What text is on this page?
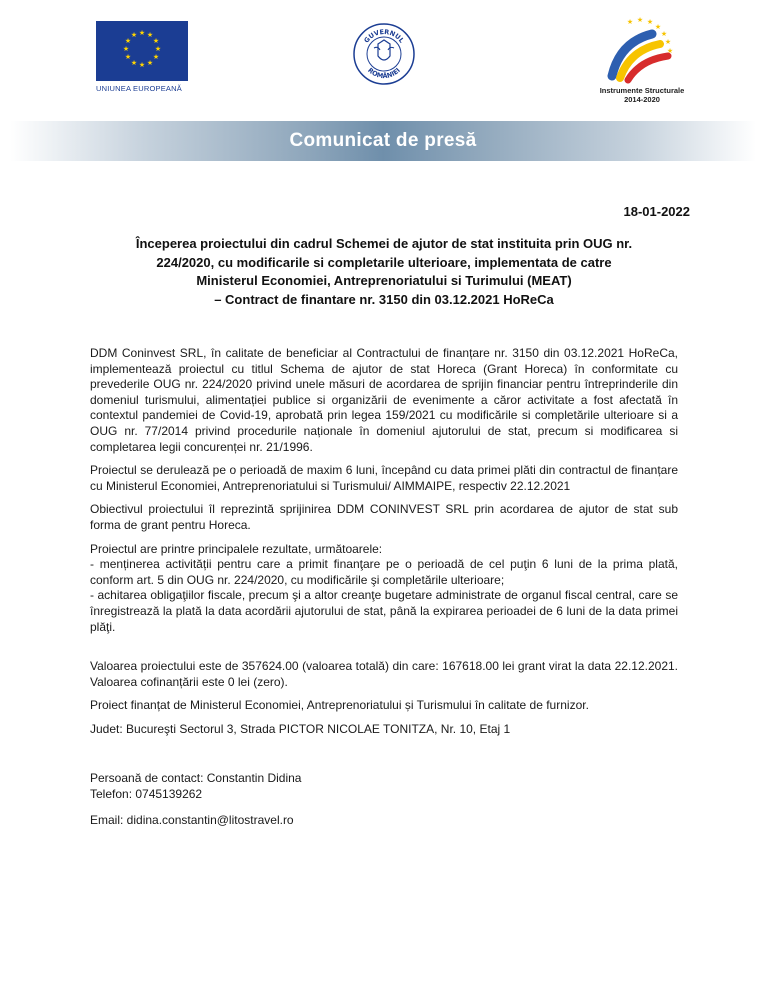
★ ★
★
★
★
★
★
★
★
★
★
★
UNIUNEA EUROPEANĂ
GUVERNUL
ROMÂNIEI
★ ★ ★
★
★
★
★
Instrumente Structurale
2014-2020
Comunicat de presă
18-01-2022
Începerea proiectului din cadrul Schemei de ajutor de stat instituita prin OUG nr.
224/2020, cu modificarile si completarile ulterioare, implementata de catre
Ministerul Economiei, Antreprenoriatului si Turimului (MEAT)
– Contract de finantare nr. 3150 din 03.12.2021 HoReCa

DDM Coninvest SRL, în calitate de beneficiar al Contractului de finanțare nr. 3150 din 03.12.2021 HoReCa, implementează proiectul cu titlul Schema de ajutor de stat Horeca (Grant Horeca) în conformitate cu prevederile OUG nr. 224/2020 privind unele măsuri de acordarea de sprijin financiar pentru întreprinderile din domeniul turismului, alimentației publice si organizării de evenimente a căror activitate a fost afectată în contextul pandemiei de Covid-19, aprobată prin legea 159/2021 cu modificările si completările ulterioare si a OUG nr. 77/2014 privind procedurile naționale în domeniul ajutorului de stat, precum si modificarea si completarea legii concurenței nr. 21/1996.

Proiectul se derulează pe o perioadă de maxim 6 luni, începând cu data primei plăti din contractul de finanțare cu Ministerul Economiei, Antreprenoriatului si Turismului/ AIMMAIPE, respectiv 22.12.2021

Obiectivul proiectului îl reprezintă sprijinirea DDM CONINVEST SRL prin acordarea de ajutor de stat sub forma de grant pentru Horeca.

Proiectul are printre principalele rezultate, următoarele:
- menținerea activității pentru care a primit finanţare pe o perioadă de cel puţin 6 luni de la prima plată, conform art. 5 din OUG nr. 224/2020, cu modificările şi completările ulterioare;
- achitarea obligaţiilor fiscale, precum şi a altor creanţe bugetare administrate de organul fiscal central, care se înregistrează la plată la data acordării ajutorului de stat, până la expirarea perioadei de 6 luni de la data primei plăţi.

Valoarea proiectului este de 357624.00 (valoarea totală) din care: 167618.00 lei grant virat la data 22.12.2021. Valoarea cofinanțării este 0 lei (zero).

Proiect finanțat de Ministerul Economiei, Antreprenoriatului și Turismului în calitate de furnizor.

Judet: Bucureşti Sectorul 3, Strada PICTOR NICOLAE TONITZA, Nr. 10, Etaj 1

Persoană de contact: Constantin Didina

Telefon: 0745139262

Email: didina.constantin@litostravel.ro
